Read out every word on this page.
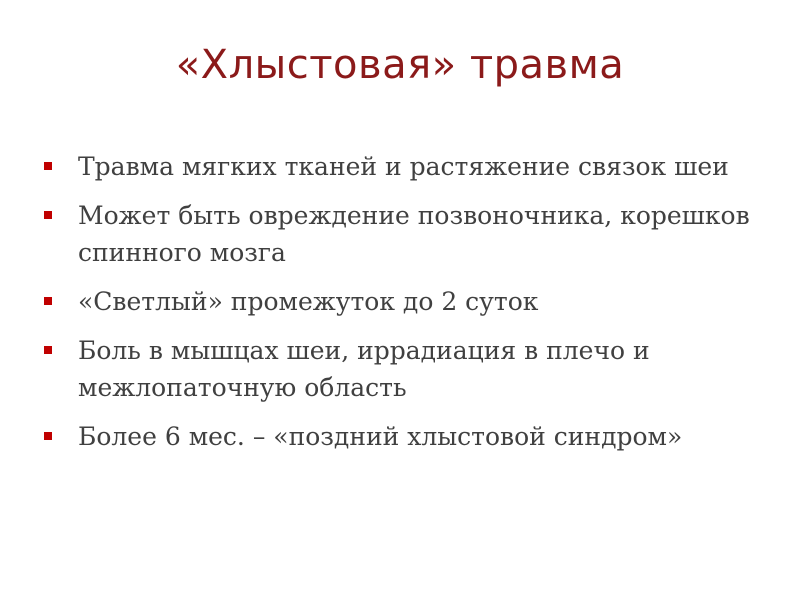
«Хлыстовая» травма
Травма мягких тканей и растяжение связок шеи
Может быть овреждение позвоночника, корешков спинного мозга
«Светлый» промежуток до 2 суток
Боль в мышцах шеи, иррадиация в плечо и межлопаточную область
Более 6 мес. – «поздний хлыстовой синдром»
